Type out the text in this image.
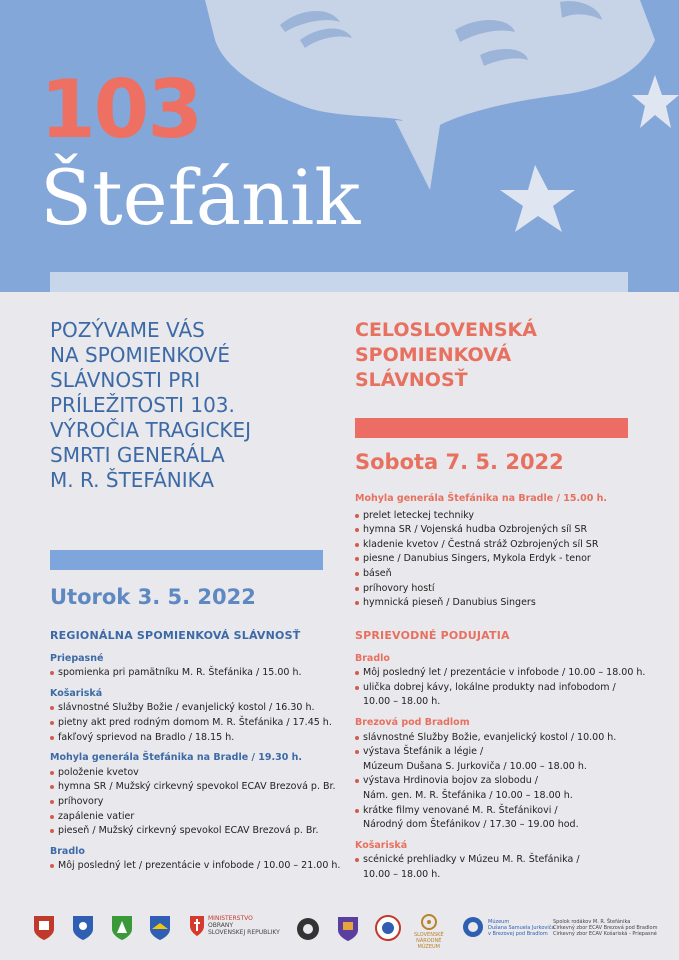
103
Štefánik
POZÝVAME VÁS
NA SPOMIENKOVÉ
SLÁVNOSTI PRI
PRÍLEŽITOSTI 103.
VÝROČIA TRAGICKEJ
SMRTI GENERÁLA
M. R. ŠTEFÁNIKA
CELOSLOVENSKÁ
SPOMIENKOVÁ
SLÁVNOSŤ
Sobota 7. 5. 2022
Mohyla generála Štefánika na Bradle / 15.00 h.
prelet leteckej techniky
hymna SR / Vojenská hudba Ozbrojených síl SR
kladenie kvetov / Čestná stráž Ozbrojených síl SR
piesne / Danubius Singers, Mykola Erdyk - tenor
báseň
príhovory hostí
hymnická pieseň / Danubius Singers
Utorok 3. 5. 2022
REGIONÁLNA SPOMIENKOVÁ SLÁVNOSŤ
Priepasné
spomienka pri pamätníku M. R. Štefánika / 15.00 h.
Košariská
slávnostné Služby Božie / evanjelický kostol / 16.30 h.
pietny akt pred rodným domom M. R. Štefánika / 17.45 h.
fakľový sprievod na Bradlo / 18.15 h.
Mohyla generála Štefánika na Bradle / 19.30 h.
položenie kvetov
hymna SR / Mužský cirkevný spevokol ECAV Brezová p. Br.
príhovory
zapálenie vatier
pieseň / Mužský cirkevný spevokol ECAV Brezová p. Br.
Bradlo
Môj posledný let / prezentácie v infobode / 10.00 – 21.00 h.
SPRIEVODNÉ PODUJATIA
Bradlo
Môj posledný let / prezentácie v infobode / 10.00 – 18.00 h.
ulička dobrej kávy, lokálne produkty nad infobodom /
10.00 – 18.00 h.
Brezová pod Bradlom
slávnostné Služby Božie, evanjelický kostol / 10.00 h.
výstava Štefánik a légie /
Múzeum Dušana S. Jurkoviča / 10.00 – 18.00 h.
výstava Hrdinovia bojov za slobodu /
Nám. gen. M. R. Štefánika / 10.00 – 18.00 h.
krátke filmy venované M. R. Štefánikovi /
Národný dom Štefánikov / 17.30 – 19.00 hod.
Košariská
scénické prehliadky v Múzeu M. R. Štefánika /
10.00 – 18.00 h.
MINISTERSTVO
OBRANY
SLOVENSKEJ REPUBLIKY	SLOVENSKÉ
NÁRODNÉ
MÚZEUM
Múzeum
Dušana Samuela Jurkoviča
v Brezovej pod Bradlom
Spolok rodákov M. R. Štefánika
Cirkevný zbor ECAV Brezová pod Bradlom
Cirkevný zbor ECAV Košariská - Priepasné
